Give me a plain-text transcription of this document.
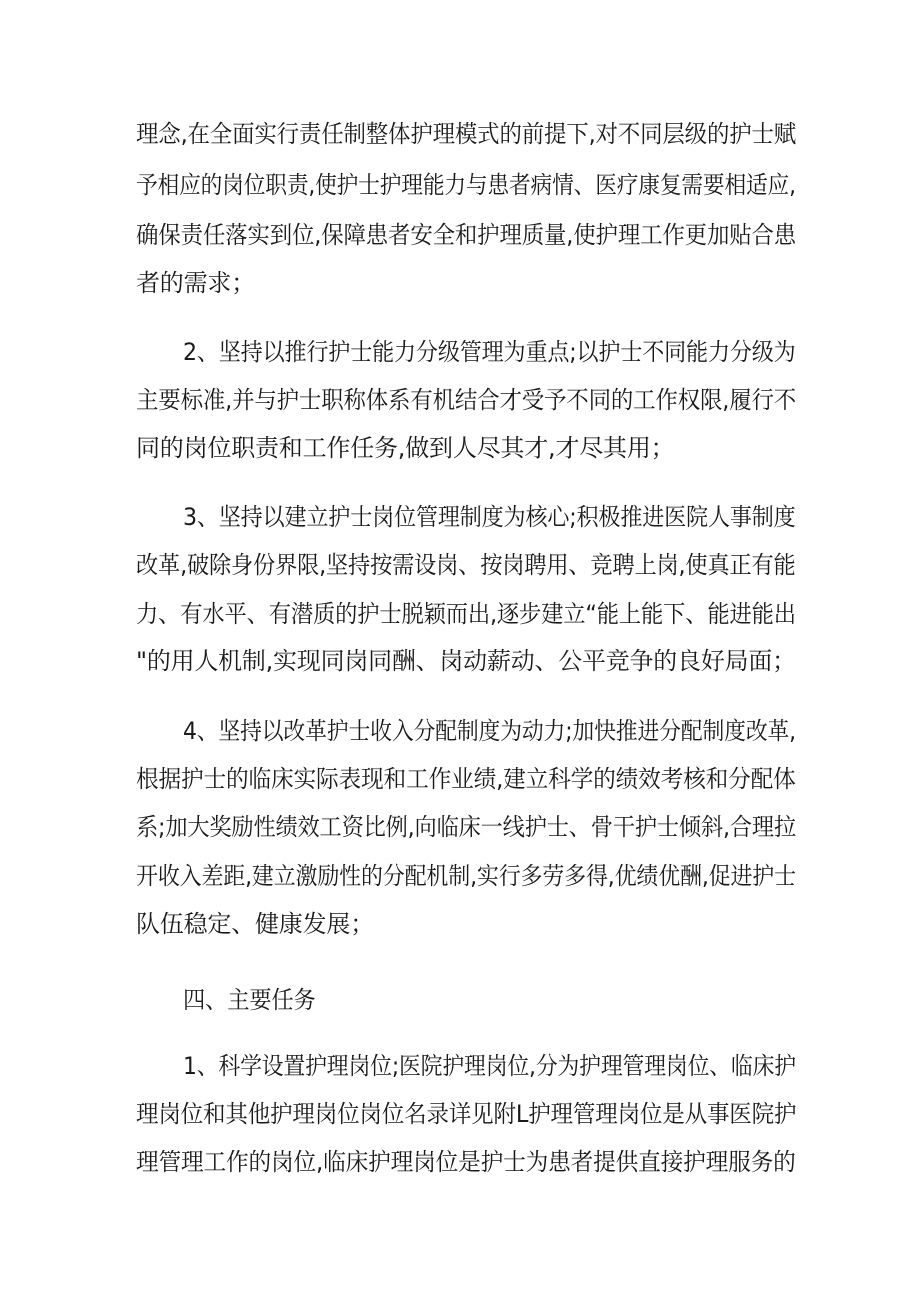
理念,在全面实行责任制整体护理模式的前提下,对不同层级的护士赋
予相应的岗位职责,使护士护理能力与患者病情、医疗康复需要相适应,
确保责任落实到位,保障患者安全和护理质量,使护理工作更加贴合患
者的需求；
2、坚持以推行护士能力分级管理为重点;以护士不同能力分级为
主要标准,并与护士职称体系有机结合才受予不同的工作权限,履行不
同的岗位职责和工作任务,做到人尽其才,才尽其用；
3、坚持以建立护士岗位管理制度为核心;积极推进医院人事制度
改革,破除身份界限,坚持按需设岗、按岗聘用、竞聘上岗,使真正有能
力、有水平、有潜质的护士脱颖而出,逐步建立“能上能下、能进能出
"的用人机制,实现同岗同酬、岗动薪动、公平竞争的良好局面；
4、坚持以改革护士收入分配制度为动力;加快推进分配制度改革,
根据护士的临床实际表现和工作业绩,建立科学的绩效考核和分配体
系;加大奖励性绩效工资比例,向临床一线护士、骨干护士倾斜,合理拉
开收入差距,建立激励性的分配机制,实行多劳多得,优绩优酬,促进护士
队伍稳定、健康发展；
四、主要任务
1、科学设置护理岗位;医院护理岗位,分为护理管理岗位、临床护
理岗位和其他护理岗位岗位名录详见附L护理管理岗位是从事医院护
理管理工作的岗位,临床护理岗位是护士为患者提供直接护理服务的
